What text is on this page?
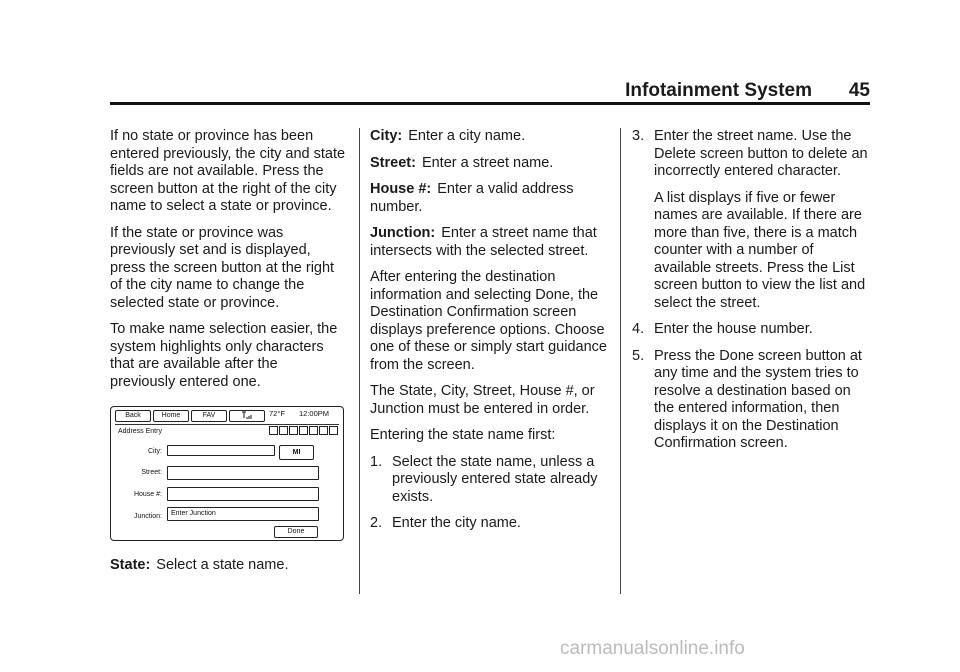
Infotainment System 45

If no state or province has been entered previously, the city and state fields are not available. Press the screen button at the right of the city name to select a state or province.

If the state or province was previously set and is displayed, press the screen button at the right of the city name to change the selected state or province.

To make name selection easier, the system highlights only characters that are available after the previously entered one.

Back	Home	FAV	72°F 12:00PM
Address Entry
City:	MI
Street:
House #:
Junction:	Enter Junction
Done

State: Select a state name.

City: Enter a city name.

Street: Enter a street name.

House #: Enter a valid address number.

Junction: Enter a street name that intersects with the selected street.

After entering the destination information and selecting Done, the Destination Confirmation screen displays preference options. Choose one of these or simply start guidance from the screen.

The State, City, Street, House #, or Junction must be entered in order.

Entering the state name first:

1. Select the state name, unless a previously entered state already exists.
2. Enter the city name.
3. Enter the street name. Use the Delete screen button to delete an incorrectly entered character.

A list displays if five or fewer names are available. If there are more than five, there is a match counter with a number of available streets. Press the List screen button to view the list and select the street.

4. Enter the house number.
5. Press the Done screen button at any time and the system tries to resolve a destination based on the entered information, then displays it on the Destination Confirmation screen.
carmanualsonline.info
